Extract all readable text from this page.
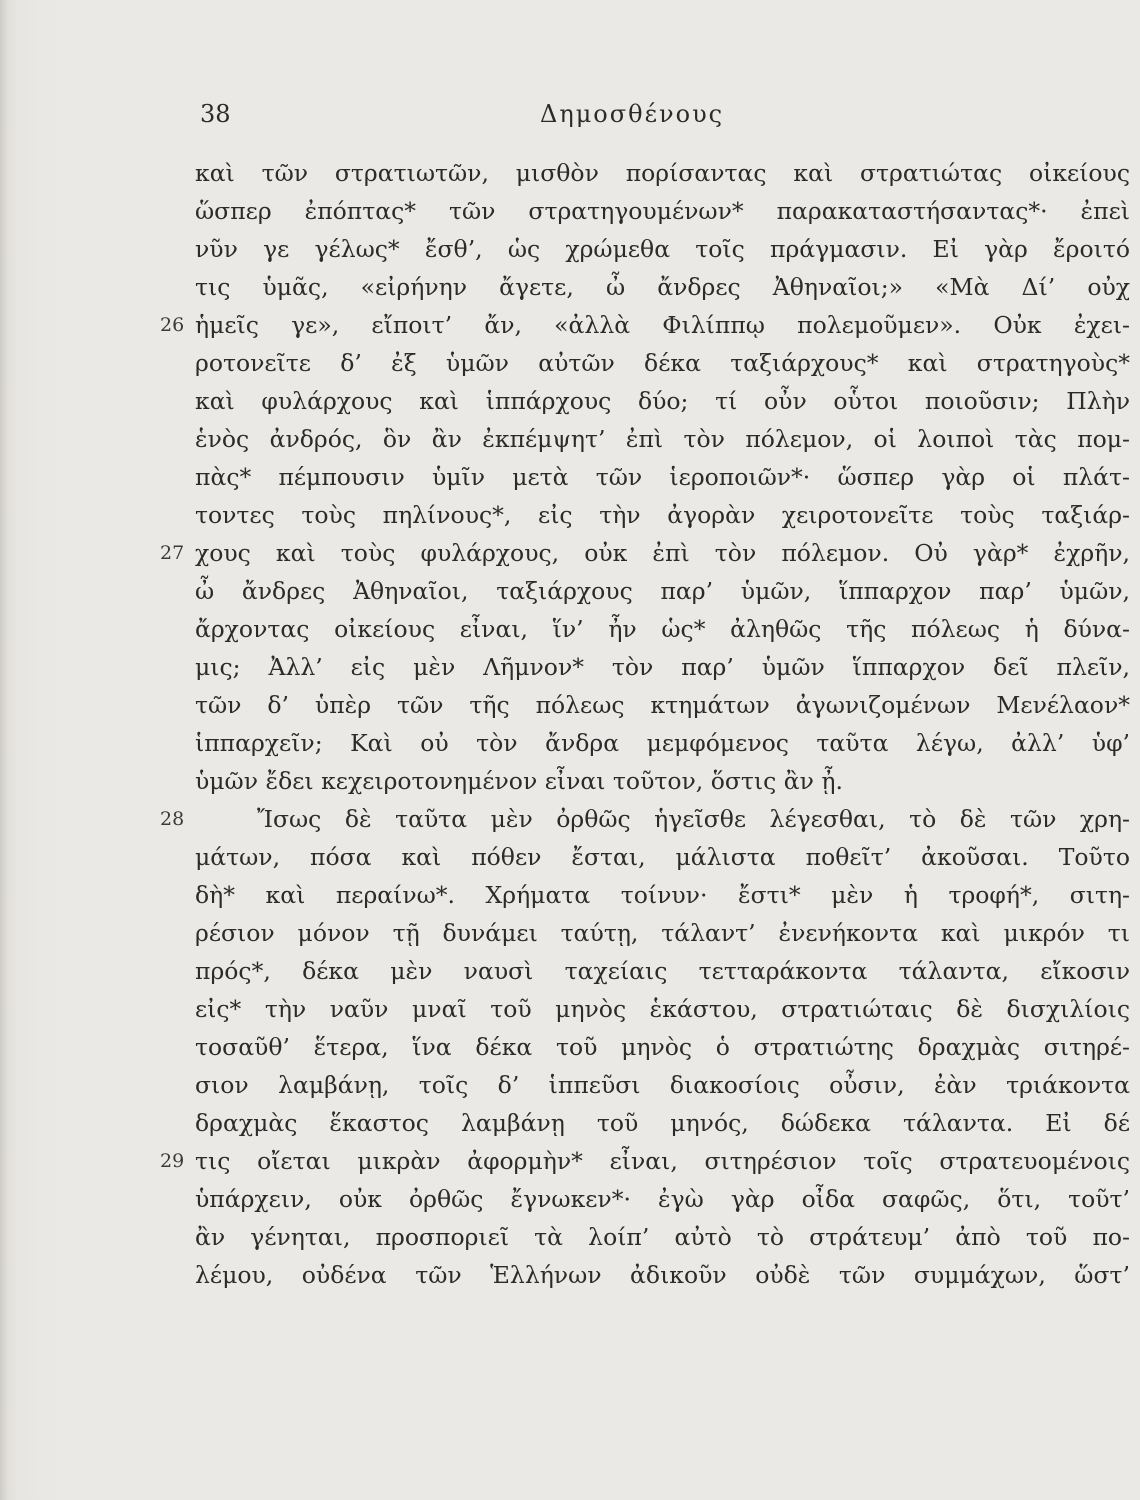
38	Δημοσθένους
26
27
28
29
καὶ τῶν στρατιωτῶν, μισθὸν πορίσαντας καὶ στρατιώτας οἰκείους
ὥσπερ ἐπόπτας* τῶν στρατηγουμένων* παρακαταστήσαντας*· ἐπεὶ
νῦν γε γέλως* ἔσθ’, ὡς χρώμεθα τοῖς πράγμασιν. Εἰ γὰρ ἔροιτό
τις ὑμᾶς, «εἰρήνην ἄγετε, ὦ ἄνδρες Ἀθηναῖοι;» «Μὰ Δί’ οὐχ
ἡμεῖς γε», εἴποιτ’ ἄν, «ἀλλὰ Φιλίππῳ πολεμοῦμεν». Οὐκ ἐχει-
ροτονεῖτε δ’ ἐξ ὑμῶν αὐτῶν δέκα ταξιάρχους* καὶ στρατηγοὺς*
καὶ φυλάρχους καὶ ἱππάρχους δύο; τί οὖν οὗτοι ποιοῦσιν; Πλὴν
ἑνὸς ἀνδρός, ὃν ἂν ἐκπέμψητ’ ἐπὶ τὸν πόλεμον, οἱ λοιποὶ τὰς πομ-
πὰς* πέμπουσιν ὑμῖν μετὰ τῶν ἱεροποιῶν*· ὥσπερ γὰρ οἱ πλάτ-
τοντες τοὺς πηλίνους*, εἰς τὴν ἀγορὰν χειροτονεῖτε τοὺς ταξιάρ-
χους καὶ τοὺς φυλάρχους, οὐκ ἐπὶ τὸν πόλεμον. Οὐ γὰρ* ἐχρῆν,
ὦ ἄνδρες Ἀθηναῖοι, ταξιάρχους παρ’ ὑμῶν, ἵππαρχον παρ’ ὑμῶν,
ἄρχοντας οἰκείους εἶναι, ἵν’ ἦν ὡς* ἀληθῶς τῆς πόλεως ἡ δύνα-
μις; Ἀλλ’ εἰς μὲν Λῆμνον* τὸν παρ’ ὑμῶν ἵππαρχον δεῖ πλεῖν,
τῶν δ’ ὑπὲρ τῶν τῆς πόλεως κτημάτων ἀγωνιζομένων Μενέλαον*
ἱππαρχεῖν; Καὶ οὐ τὸν ἄνδρα μεμφόμενος ταῦτα λέγω, ἀλλ’ ὑφ’
ὑμῶν ἔδει κεχειροτονημένον εἶναι τοῦτον, ὅστις ἂν ᾖ.
Ἴσως δὲ ταῦτα μὲν ὀρθῶς ἡγεῖσθε λέγεσθαι, τὸ δὲ τῶν χρη-
μάτων, πόσα καὶ πόθεν ἔσται, μάλιστα ποθεῖτ’ ἀκοῦσαι. Τοῦτο
δὴ* καὶ περαίνω*. Χρήματα τοίνυν· ἔστι* μὲν ἡ τροφή*, σιτη-
ρέσιον μόνον τῇ δυνάμει ταύτῃ, τάλαντ’ ἐνενήκοντα καὶ μικρόν τι
πρός*, δέκα μὲν ναυσὶ ταχείαις τετταράκοντα τάλαντα, εἴκοσιν
εἰς* τὴν ναῦν μναῖ τοῦ μηνὸς ἑκάστου, στρατιώταις δὲ δισχιλίοις
τοσαῦθ’ ἕτερα, ἵνα δέκα τοῦ μηνὸς ὁ στρατιώτης δραχμὰς σιτηρέ-
σιον λαμβάνῃ, τοῖς δ’ ἱππεῦσι διακοσίοις οὖσιν, ἐὰν τριάκοντα
δραχμὰς ἕκαστος λαμβάνῃ τοῦ μηνός, δώδεκα τάλαντα. Εἰ δέ
τις οἴεται μικρὰν ἀφορμὴν* εἶναι, σιτηρέσιον τοῖς στρατευομένοις
ὑπάρχειν, οὐκ ὀρθῶς ἔγνωκεν*· ἐγὼ γὰρ οἶδα σαφῶς, ὅτι, τοῦτ’
ἂν γένηται, προσποριεῖ τὰ λοίπ’ αὐτὸ τὸ στράτευμ’ ἀπὸ τοῦ πο-
λέμου, οὐδένα τῶν Ἑλλήνων ἀδικοῦν οὐδὲ τῶν συμμάχων, ὥστ’
